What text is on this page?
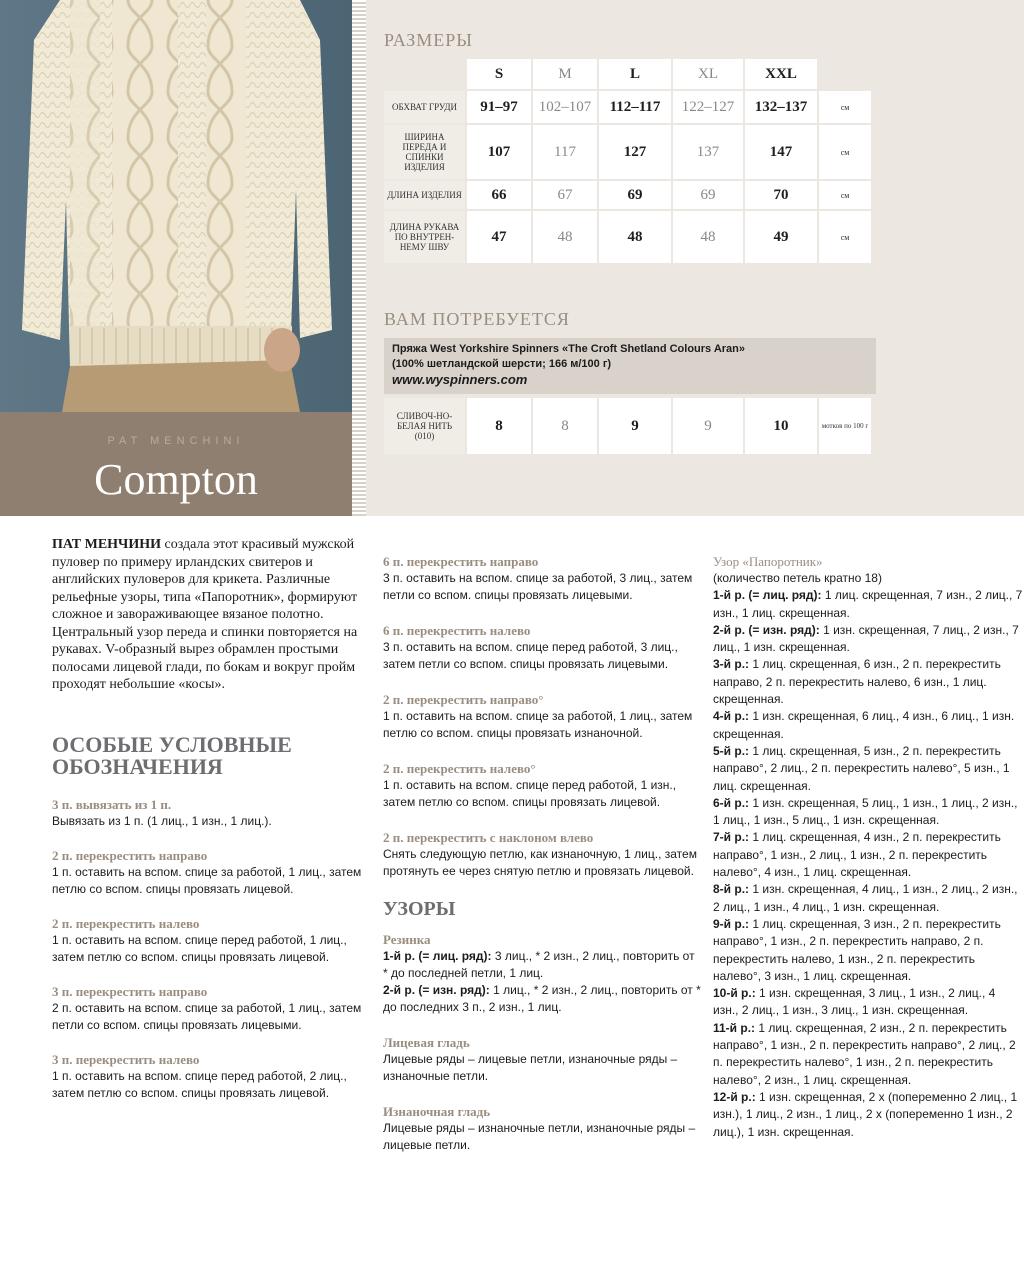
PAT MENCHINI
Compton
РАЗМЕРЫ
	S	M	L	XL	XXL	
ОБХВАТ ГРУДИ	91–97	102–107	112–117	122–127	132–137	см
ШИРИНА ПЕРЕДА И СПИНКИ ИЗДЕЛИЯ	107	117	127	137	147	см
ДЛИНА ИЗДЕЛИЯ	66	67	69	69	70	см
ДЛИНА РУКАВА ПО ВНУТРЕН-НЕМУ ШВУ	47	48	48	48	49	см
ВАМ ПОТРЕБУЕТСЯ
Пряжа West Yorkshire Spinners «The Croft Shetland Colours Aran»
(100% шетландской шерсти; 166 м/100 г)
www.wyspinners.com
СЛИВОЧ-НО-БЕЛАЯ НИТЬ
(010)
	8	8	9	9	10	мотков по 100 г

ПАТ МЕНЧИНИ создала этот красивый мужской пуловер по примеру ирландских свитеров и английских пуловеров для крикета. Различные рельефные узоры, типа «Папоротник», формируют сложное и завораживающее вязаное полотно. Центральный узор переда и спинки повторяется на рукавах. V-образный вырез обрамлен простыми полосами лицевой глади, по бокам и вокруг пройм проходят небольшие «косы».

ОСОБЫЕ УСЛОВНЫЕ ОБОЗНАЧЕНИЯ
3 п. вывязать из 1 п.
Вывязать из 1 п. (1 лиц., 1 изн., 1 лиц.).
2 п. перекрестить направо
1 п. оставить на вспом. спице за работой, 1 лиц., затем петлю со вспом. спицы провязать лицевой.
2 п. перекрестить налево
1 п. оставить на вспом. спице перед работой, 1 лиц., затем петлю со вспом. спицы провязать лицевой.
3 п. перекрестить направо
2 п. оставить на вспом. спице за работой, 1 лиц., затем петли со вспом. спицы провязать лицевыми.
3 п. перекрестить налево
1 п. оставить на вспом. спице перед работой, 2 лиц., затем петлю со вспом. спицы провязать лицевой.
6 п. перекрестить направо
3 п. оставить на вспом. спице за работой, 3 лиц., затем петли со вспом. спицы провязать лицевыми.
6 п. перекрестить налево
3 п. оставить на вспом. спице перед работой, 3 лиц., затем петли со вспом. спицы провязать лицевыми.
2 п. перекрестить направо°
1 п. оставить на вспом. спице за работой, 1 лиц., затем петлю со вспом. спицы провязать изнаночной.
2 п. перекрестить налево°
1 п. оставить на вспом. спице перед работой, 1 изн., затем петлю со вспом. спицы провязать лицевой.
2 п. перекрестить с наклоном влево
Снять следующую петлю, как изнаночную, 1 лиц., затем протянуть ее через снятую петлю и провязать лицевой.
УЗОРЫ
Резинка
1-й р. (= лиц. ряд): 3 лиц., * 2 изн., 2 лиц., повторить от * до последней петли, 1 лиц.
2-й р. (= изн. ряд): 1 лиц., * 2 изн., 2 лиц., повторить от * до последних 3 п., 2 изн., 1 лиц.
Лицевая гладь
Лицевые ряды – лицевые петли, изнаночные ряды – изнаночные петли.
Изнаночная гладь
Лицевые ряды – изнаночные петли, изнаночные ряды – лицевые петли.
Узор «Папоротник»
(количество петель кратно 18)
1-й р. (= лиц. ряд): 1 лиц. скрещенная, 7 изн., 2 лиц., 7 изн., 1 лиц. скрещенная.
2-й р. (= изн. ряд): 1 изн. скрещенная, 7 лиц., 2 изн., 7 лиц., 1 изн. скрещенная.
3-й р.: 1 лиц. скрещенная, 6 изн., 2 п. перекрестить направо, 2 п. перекрестить налево, 6 изн., 1 лиц. скрещенная.
4-й р.: 1 изн. скрещенная, 6 лиц., 4 изн., 6 лиц., 1 изн. скрещенная.
5-й р.: 1 лиц. скрещенная, 5 изн., 2 п. перекрестить направо°, 2 лиц., 2 п. перекрестить налево°, 5 изн., 1 лиц. скрещенная.
6-й р.: 1 изн. скрещенная, 5 лиц., 1 изн., 1 лиц., 2 изн., 1 лиц., 1 изн., 5 лиц., 1 изн. скрещенная.
7-й р.: 1 лиц. скрещенная, 4 изн., 2 п. перекрестить направо°, 1 изн., 2 лиц., 1 изн., 2 п. перекрестить налево°, 4 изн., 1 лиц. скрещенная.
8-й р.: 1 изн. скрещенная, 4 лиц., 1 изн., 2 лиц., 2 изн., 2 лиц., 1 изн., 4 лиц., 1 изн. скрещенная.
9-й р.: 1 лиц. скрещенная, 3 изн., 2 п. перекрестить направо°, 1 изн., 2 п. перекрестить направо, 2 п. перекрестить налево, 1 изн., 2 п. перекрестить налево°, 3 изн., 1 лиц. скрещенная.
10-й р.: 1 изн. скрещенная, 3 лиц., 1 изн., 2 лиц., 4 изн., 2 лиц., 1 изн., 3 лиц., 1 изн. скрещенная.
11-й р.: 1 лиц. скрещенная, 2 изн., 2 п. перекрестить направо°, 1 изн., 2 п. перекрестить направо°, 2 лиц., 2 п. перекрестить налево°, 1 изн., 2 п. перекрестить налево°, 2 изн., 1 лиц. скрещенная.
12-й р.: 1 изн. скрещенная, 2 х (попеременно 2 лиц., 1 изн.), 1 лиц., 2 изн., 1 лиц., 2 х (попеременно 1 изн., 2 лиц.), 1 изн. скрещенная.
